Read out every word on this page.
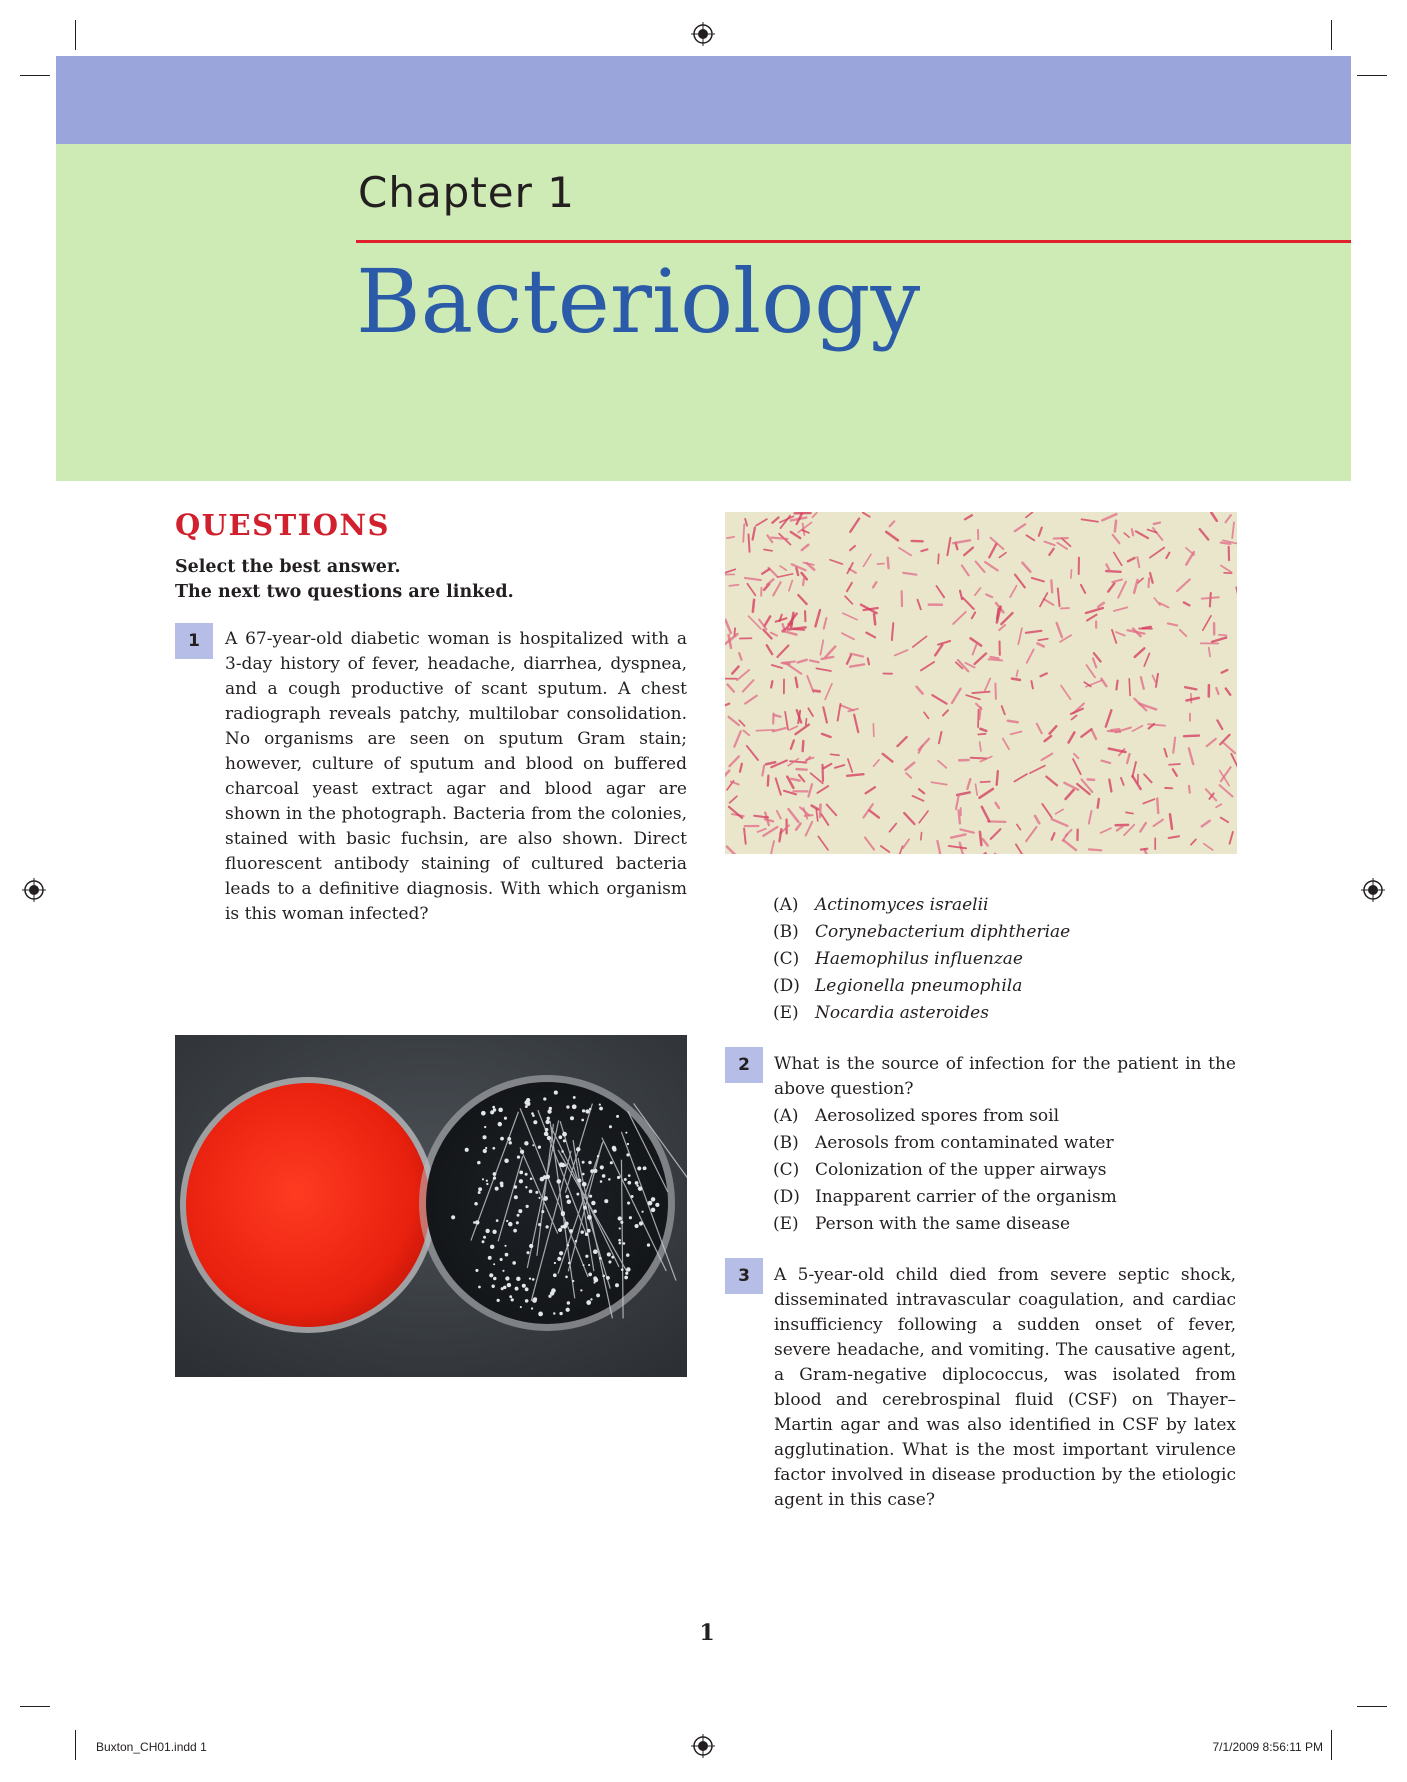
Chapter 1
Bacteriology
QUESTIONS
Select the best answer.
The next two questions are linked.
1	A 67-year-old diabetic woman is hospitalized with a 3-day history of fever, headache, diarrhea, dyspnea, and a cough productive of scant sputum. A chest radiograph reveals patchy, multilobar consolidation. No organisms are seen on sputum Gram stain; however, culture of sputum and blood on buffered charcoal yeast extract agar and blood agar are shown in the photograph. Bacteria from the colonies, stained with basic fuchsin, are also shown. Direct fluorescent antibody staining of cultured bacteria leads to a definitive diagnosis. With which organism is this woman infected?	(A) Actinomyces israelii
(B) Corynebacterium diphtheriae
(C) Haemophilus influenzae
(D) Legionella pneumophila
(E) Nocardia asteroides
2	What is the source of infection for the patient in the above question?
(A) Aerosolized spores from soil
(B) Aerosols from contaminated water
(C) Colonization of the upper airways
(D) Inapparent carrier of the organism
(E) Person with the same disease
3	A 5-year-old child died from severe septic shock, disseminated intravascular coagulation, and cardiac insufficiency following a sudden onset of fever, severe headache, and vomiting. The causative agent, a Gram-negative diplococcus, was isolated from blood and cerebrospinal fluid (CSF) on Thayer–Martin agar and was also identified in CSF by latex agglutination. What is the most important virulence factor involved in disease production by the etiologic agent in this case?
1
Buxton_CH01.indd 1	7/1/2009 8:56:11 PM
